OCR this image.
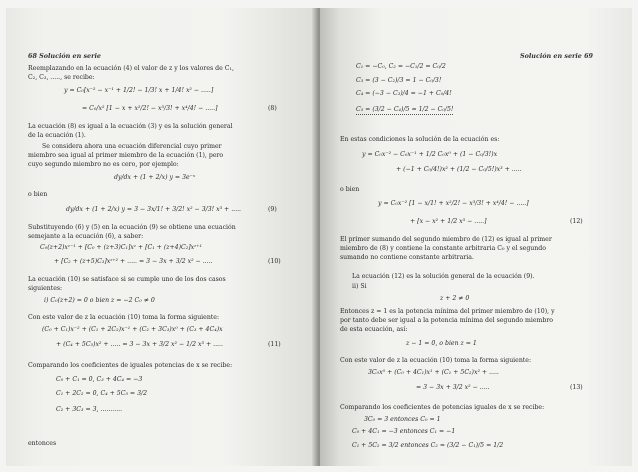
68 Solución en serie
Reemplazando en la ecuación (4) el valor de z y los valores de C₁,
C₂, C₃, ....., se recibe:
y = C₀[x⁻² − x⁻¹ + 1/2! − 1/3! x + 1/4! x² − .....]
= C₀/x² [1 − x + x²/2! − x³/3! + x⁴/4! − .....]	(8)
La ecuación (8) es igual a la ecuación (3) y es la solución general
de la ecuación (1).
Se considera ahora una ecuación diferencial cuyo primer
miembro sea igual al primer miembro de la ecuación (1), pero
cuyo segundo miembro no es cero, por ejemplo:
dy/dx + (1 + 2/x) y = 3e⁻ˣ
o bien
dy/dx + (1 + 2/x) y = 3 − 3x/1! + 3/2! x² − 3/3! x³ + .....	(9)
Substituyendo (6) y (5) en la ecuación (9) se obtiene una ecuación
semejante a la ecuación (6), a saber:
C₀(z+2)xᶻ⁻¹ + [C₀ + (z+3)C₁]xᶻ + [C₁ + (z+4)C₂]xᶻ⁺¹
+ [C₂ + (z+5)C₃]xᶻ⁺² + ..... = 3 − 3x + 3/2 x² − .....	(10)
La ecuación (10) se satisface si se cumple uno de los dos casos
siguientes:
i) C₀(z+2) = 0 o bien z = −2 C₀ ≠ 0
Con este valor de z la ecuación (10) toma la forma siguiente:
(C₀ + C₁)x⁻² + (C₁ + 2C₂)x⁻¹ + (C₂ + 3C₃)x⁰ + (C₃ + 4C₄)x
+ (C₄ + 5C₅)x² + ..... = 3 − 3x + 3/2 x² − 1/2 x³ + .....	(11)
Comparando los coeficientes de iguales potencias de x se recibe:
C₀ + C₁ = 0, C₃ + 4C₄ = −3
C₁ + 2C₂ = 0, C₄ + 5C₅ = 3/2
C₂ + 3C₃ = 3, ...........
entonces
Solución en serie 69
C₁ = −C₀, C₂ = −C₁/2 = C₀/2
C₃ = (3 − C₂)/3 = 1 − C₀/3!
C₄ = (−3 − C₃)/4 = −1 + C₀/4!
C₅ = (3/2 − C₄)/5 = 1/2 − C₀/5!
En estas condiciones la solución de la ecuación es:
y = C₀x⁻² − C₀x⁻¹ + 1/2 C₀x⁰ + (1 − C₀/3!)x
+ (−1 + C₀/4!)x² + (1/2 − C₀/5!)x³ + .....
o bien
y = C₀x⁻² [1 − x/1! + x²/2! − x³/3! + x⁴/4! − .....]
+ [x − x² + 1/2 x³ − .....]	(12)
El primer sumando del segundo miembro de (12) es igual al primer
miembro de (8) y contiene la constante arbitraria C₀ y el segundo
sumando no contiene constante arbitraria.
La ecuación (12) es la solución general de la ecuación (9).
ii) Si
z + 2 ≠ 0
Entonces z = 1 es la potencia mínima del primer miembro de (10), y
por tanto debe ser igual a la potencia mínima del segundo miembro
de esta ecuación, así:
z − 1 = 0, o bien z = 1
Con este valor de z la ecuación (10) toma la forma siguiente:
3C₀x⁰ + (C₀ + 4C₁)x¹ + (C₁ + 5C₂)x² + .....
= 3 − 3x + 3/2 x² − .....	(13)
Comparando los coeficientes de potencias iguales de x se recibe:
3C₀ = 3 entonces C₀ = 1
C₀ + 4C₁ = −3 entonces C₁ = −1
C₁ + 5C₂ = 3/2 entonces C₂ = (3/2 − C₁)/5 = 1/2
